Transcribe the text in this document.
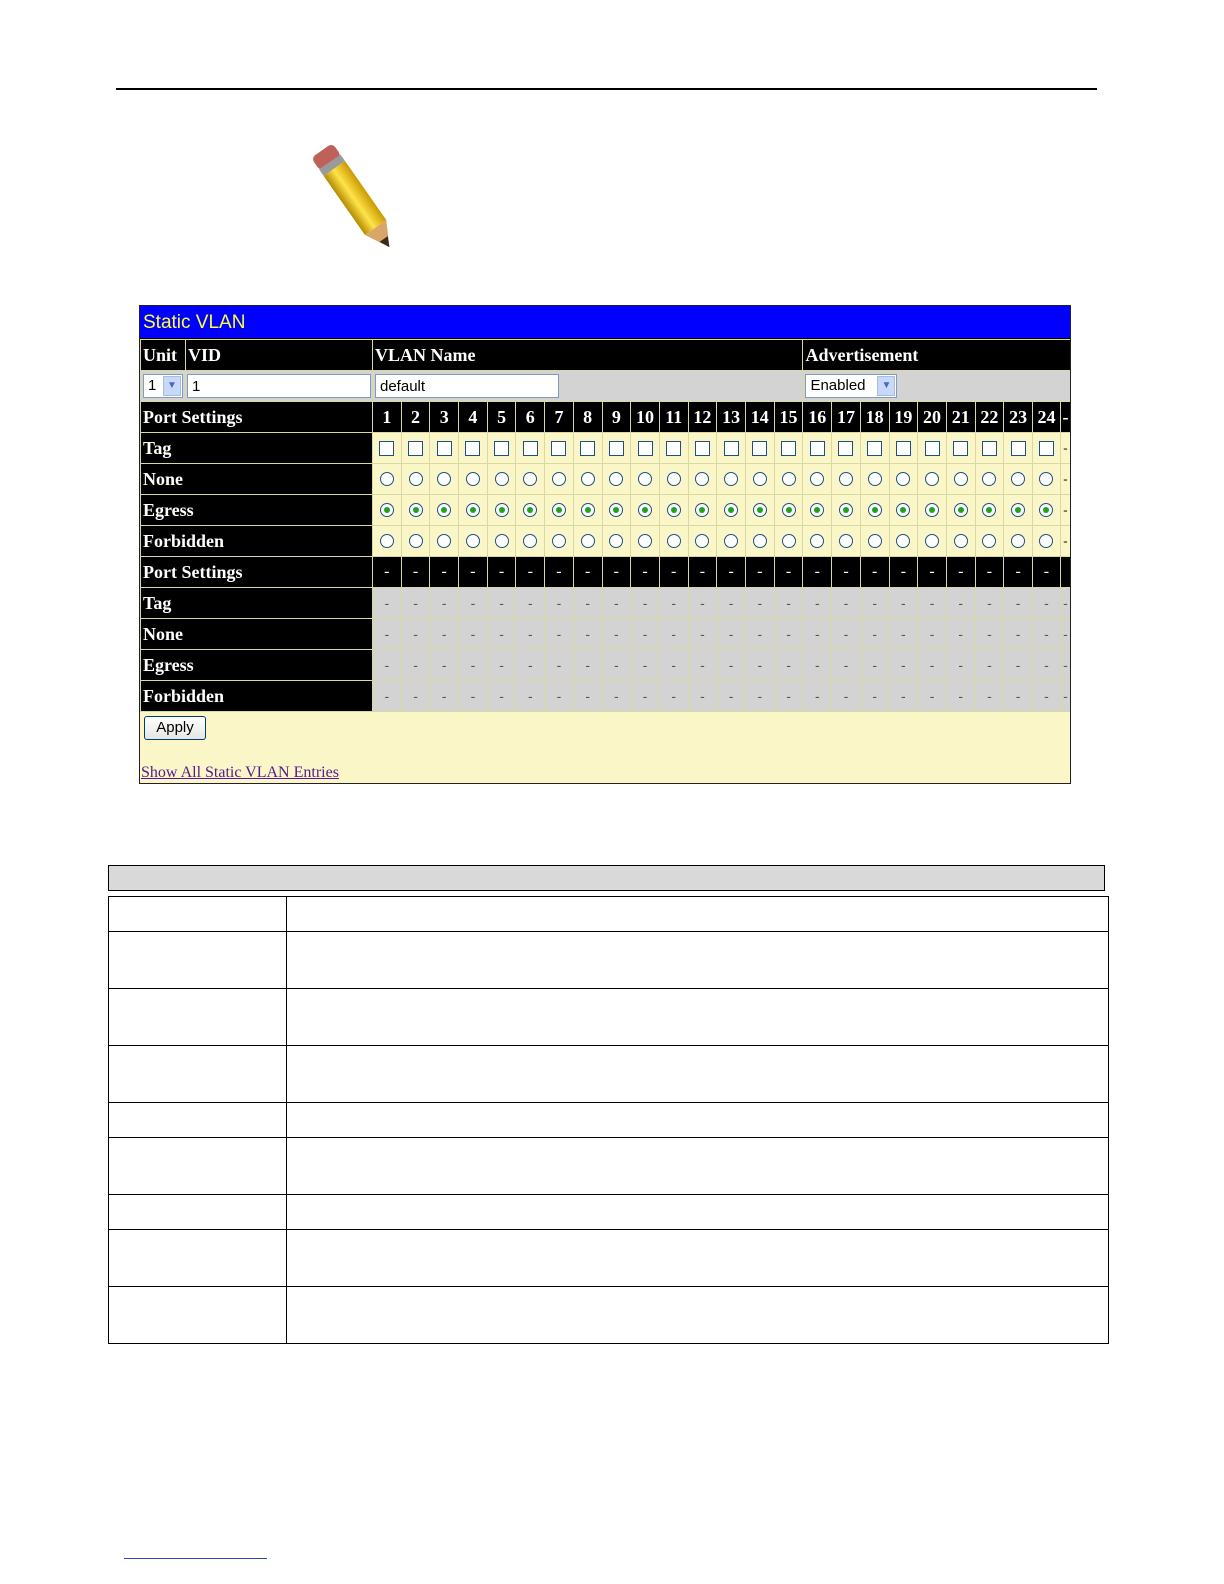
Static VLAN
Unit	VID	VLAN Name															Advertisement									
1 ▼	1	default															Enabled ▼									

Port Settings		1	2	3	4	5	6	7	8	9	10	11	12	13	14	15	16	17	18	19	20	21	22	23	24	-
Tag																										-
None																										-
Egress																										-
Forbidden																										-
Port Settings		-	-	-	-	-	-	-	-	-	-	-	-	-	-	-	-	-	-	-	-	-	-	-	-	
Tag		-	-	-	-	-	-	-	-	-	-	-	-	-	-	-	-	-	-	-	-	-	-	-	-	-
None		-	-	-	-	-	-	-	-	-	-	-	-	-	-	-	-	-	-	-	-	-	-	-	-	-
Egress		-	-	-	-	-	-	-	-	-	-	-	-	-	-	-	-	-	-	-	-	-	-	-	-	-
Forbidden		-	-	-	-	-	-	-	-	-	-	-	-	-	-	-	-	-	-	-	-	-	-	-	-	-
Apply
Show All Static VLAN Entries
